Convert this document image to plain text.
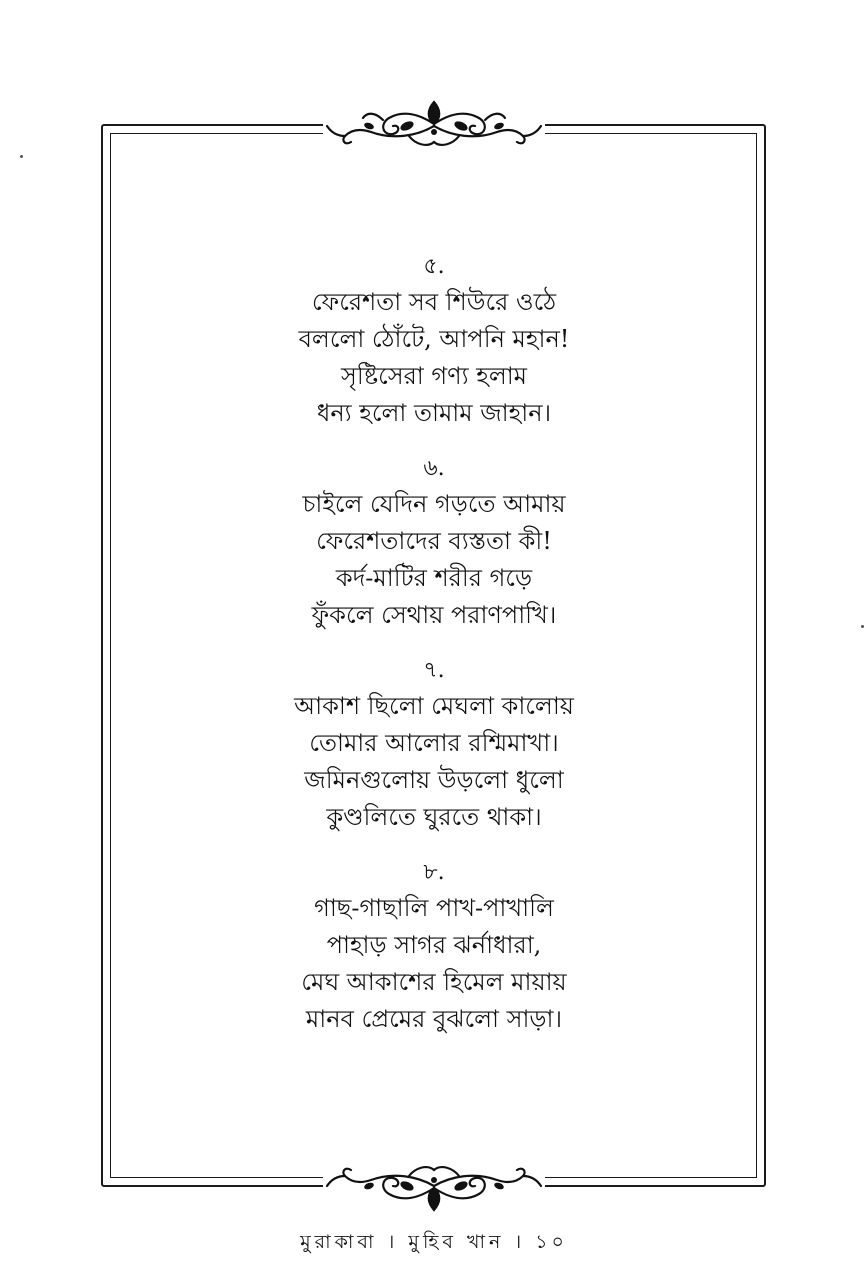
৫.
ফেরেশতা সব শিউরে ওঠে
বললো ঠোঁটে, আপনি মহান!
সৃষ্টিসেরা গণ্য হলাম
ধন্য হলো তামাম জাহান।
৬.
চাইলে যেদিন গড়তে আমায়
ফেরেশতাদের ব্যস্ততা কী!
কর্দ-মাটির শরীর গড়ে
ফুঁকলে সেথায় পরাণপাখি।
৭.
আকাশ ছিলো মেঘলা কালোয়
তোমার আলোর রশ্মিমাখা।
জমিনগুলোয় উড়লো ধুলো
কুণ্ডলিতে ঘুরতে থাকা।
৮.
গাছ-গাছালি পাখ-পাখালি
পাহাড় সাগর ঝর্নাধারা,
মেঘ আকাশের হিমেল মায়ায়
মানব প্রেমের বুঝলো সাড়া।
মুরাকাবা । মুহিব খান । ১০
